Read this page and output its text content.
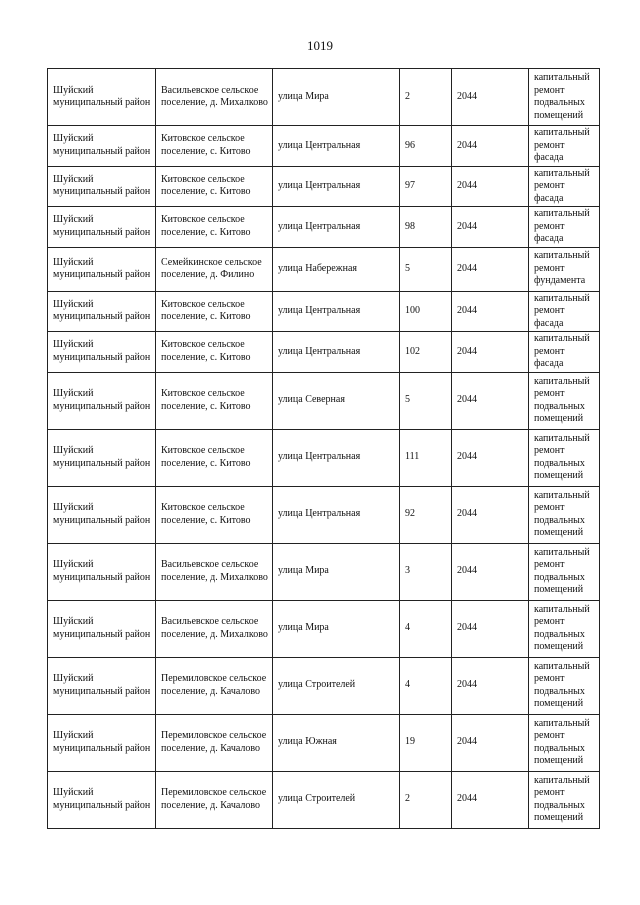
1019
Шуйский муниципальный район	Васильевское сельское поселение, д. Михалково	улица Мира	2	2044	капитальный ремонт подвальных помещений
Шуйский муниципальный район	Китовское сельское поселение, с. Китово	улица Центральная	96	2044	капитальный ремонт фасада
Шуйский муниципальный район	Китовское сельское поселение, с. Китово	улица Центральная	97	2044	капитальный ремонт фасада
Шуйский муниципальный район	Китовское сельское поселение, с. Китово	улица Центральная	98	2044	капитальный ремонт фасада
Шуйский муниципальный район	Семейкинское сельское поселение, д. Филино	улица Набережная	5	2044	капитальный ремонт фундамента
Шуйский муниципальный район	Китовское сельское поселение, с. Китово	улица Центральная	100	2044	капитальный ремонт фасада
Шуйский муниципальный район	Китовское сельское поселение, с. Китово	улица Центральная	102	2044	капитальный ремонт фасада
Шуйский муниципальный район	Китовское сельское поселение, с. Китово	улица Северная	5	2044	капитальный ремонт подвальных помещений
Шуйский муниципальный район	Китовское сельское поселение, с. Китово	улица Центральная	111	2044	капитальный ремонт подвальных помещений
Шуйский муниципальный район	Китовское сельское поселение, с. Китово	улица Центральная	92	2044	капитальный ремонт подвальных помещений
Шуйский муниципальный район	Васильевское сельское поселение, д. Михалково	улица Мира	3	2044	капитальный ремонт подвальных помещений
Шуйский муниципальный район	Васильевское сельское поселение, д. Михалково	улица Мира	4	2044	капитальный ремонт подвальных помещений
Шуйский муниципальный район	Перемиловское сельское поселение, д. Качалово	улица Строителей	4	2044	капитальный ремонт подвальных помещений
Шуйский муниципальный район	Перемиловское сельское поселение, д. Качалово	улица Южная	19	2044	капитальный ремонт подвальных помещений
Шуйский муниципальный район	Перемиловское сельское поселение, д. Качалово	улица Строителей	2	2044	капитальный ремонт подвальных помещений
